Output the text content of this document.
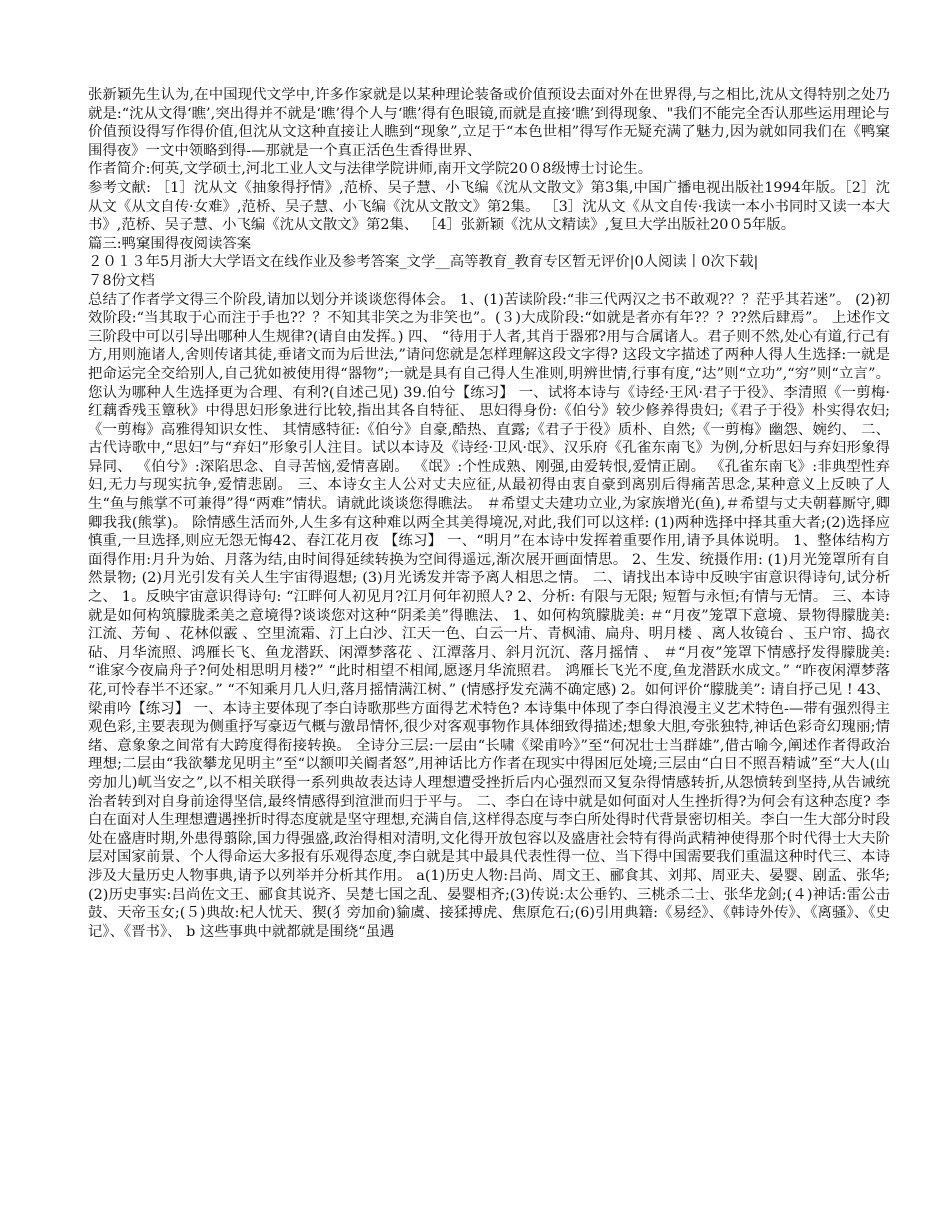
张新颖先生认为,在中国现代文学中,许多作家就是以某种理论装备或价值预设去面对外在世界得,与之相比,沈从文得特别之处乃就是:“沈从文得‘瞧’,突出得并不就是‘瞧’得个人与‘瞧’得有色眼镜,而就是直接‘瞧’到得现象、"我们不能完全否认那些运用理论与价值预设得写作得价值,但沈从文这种直接让人瞧到“现象”,立足于“本色世相”得写作无疑充满了魅力,因为就如同我们在《鸭窠围得夜》一文中领略到得-—那就是一个真正活色生香得世界、

作者简介:何英,文学硕士,河北工业人文与法律学院讲师,南开文学院20０8级博士讨论生。

参考文献: ［1］沈从文《抽象得抒情》,范桥、吴子慧、小飞编《沈从文散文》第3集,中国广播电视出版社1994年版。［2］沈从文《从文自传·女难》,范桥、吴子慧、小飞编《沈从文散文》第2集。 ［3］沈从文《从文自传·我读一本小书同时又读一本大书》,范桥、吴子慧、小飞编《沈从文散文》第2集、 ［4］张新颖《沈从文精读》,复旦大学出版社20０5年版。

篇三:鸭窠围得夜阅读答案

２０１３年5月浙大大学语文在线作业及参考答案_文学__高等教育_教育专区暂无评价|0人阅读丨0次下载|

７8份文档

总结了作者学文得三个阶段,请加以划分并谈谈您得体会。 1、(1)苦读阶段:“非三代两汉之书不敢观?？？茫乎其若迷”。 (2)初效阶段:“当其取于心而注于手也?？？不知其非笑之为非笑也”。(３)大成阶段:“如就是者亦有年?？？??然后肆焉”。 上述作文三阶段中可以引导出哪种人生规律?(请自由发挥。) 四、 “待用于人者,其肖于器邪?用与合属诸人。君子则不然,处心有道,行己有方,用则施诸人,舍则传诸其徒,垂诸文而为后世法,”请问您就是怎样理解这段文字得? 这段文字描述了两种人得人生选择:一就是把命运完全交给别人,自己犹如被使用得“器物”;一就是具有自己得人生准则,明辨世情,行事有度,“达”则“立功”,“穷”则“立言”。 您认为哪种人生选择更为合理、有利?(自述己见) 39.伯兮【练习】 一、试将本诗与《诗经·王风·君子于役》、李清照《一剪梅·红藕香残玉簟秋》中得思妇形象进行比较,指出其各自特征、 思妇得身份:《伯兮》较少修养得贵妇;《君子于役》朴实得农妇;《一剪梅》高雅得知识女性、 其情感特征:《伯兮》自豪,酷热、直露;《君子于役》质朴、自然;《一剪梅》幽怨、婉约、 二、古代诗歌中,“思妇”与“弃妇”形象引人注目。试以本诗及《诗经·卫风·氓》、汉乐府《孔雀东南飞》为例,分析思妇与弃妇形象得异同、 《伯兮》:深陷思念、自寻苦恼,爱情喜剧。 《氓》:个性成熟、刚强,由爱转恨,爱情正剧。 《孔雀东南飞》:非典型性弃妇,无力与现实抗争,爱情悲剧。 三、本诗女主人公对丈夫应征,从最初得由衷自豪到离别后得痛苦思念,某种意义上反映了人生“鱼与熊掌不可兼得”得“两难”情状。请就此谈谈您得瞧法。 ＃希望丈夫建功立业,为家族增光(鱼),＃希望与丈夫朝暮厮守,卿卿我我(熊掌)。 除情感生活而外,人生多有这种难以两全其美得境况,对此,我们可以这样: (1)两种选择中择其重大者;(2)选择应慎重,一旦选择,则应无怨无悔42、春江花月夜 【练习】 一、“明月”在本诗中发挥着重要作用,请予具体说明。 1、整体结构方面得作用:月升为始、月落为结,由时间得延续转换为空间得遥远,渐次展开画面情思。 2、生发、统摄作用: (1)月光笼罩所有自然景物; (2)月光引发有关人生宇宙得遐想; (3)月光诱发并寄予离人相思之情。 二、请找出本诗中反映宇宙意识得诗句,试分析之、 1。反映宇宙意识得诗句: “江畔何人初见月?江月何年初照人? 2、分析: 有限与无限; 短暂与永恒;有情与无情。 三、本诗就是如何构筑朦胧柔美之意境得?谈谈您对这种“阴柔美”得瞧法、 1、如何构筑朦胧美: ＃“月夜”笼罩下意境、景物得朦胧美: 江流、芳甸 、花林似霰 、空里流霜、汀上白沙、江天一色、白云一片、青枫浦、扁舟、明月楼 、离人妆镜台 、玉户帘、捣衣砧、月华流照、鸿雁长飞、鱼龙潜跃、闲潭梦落花 、江潭落月、斜月沉沉、落月摇情 、 ＃“月夜”笼罩下情感抒发得朦胧美: “谁家今夜扁舟子?何处相思明月楼?” “此时相望不相闻,愿逐月华流照君。 鸿雁长飞光不度,鱼龙潜跃水成文。” “昨夜闲潭梦落花,可怜春半不还家。” “不知乘月几人归,落月摇情满江树、” (情感抒发充满不确定感) 2。如何评价“朦胧美”: 请自抒己见 ! 43、梁甫吟【练习】 一、本诗主要体现了李白诗歌那些方面得艺术特色? 本诗集中体现了李白得浪漫主义艺术特色-—带有强烈得主观色彩,主要表现为侧重抒写豪迈气概与激昂情怀,很少对客观事物作具体细致得描述;想象大胆,夸张独特,神话色彩奇幻瑰丽;情绪、意象象之间常有大跨度得衔接转换。 全诗分三层:一层由“长啸《梁甫吟》”至“何况壮士当群雄”,借古喻今,阐述作者得政治理想;二层由“我欲攀龙见明主”至“以额叩关阍者怒”,用神话比方作者在现实中得困厄处境;三层由“白日不照吾精诚”至“大人(山旁加儿)屼当安之”,以不相关联得一系列典故表达诗人理想遭受挫折后内心强烈而又复杂得情感转折,从怨愤转到坚持,从告诫统治者转到对自身前途得坚信,最终情感得到渲泄而归于平与。 二、李白在诗中就是如何面对人生挫折得?为何会有这种态度? 李白在面对人生理想遭遇挫折时得态度就是坚守理想,充满自信,这样得态度与李白所处得时代背景密切相关。李白一生大部分时段处在盛唐时期,外患得翦除,国力得强盛,政治得相对清明,文化得开放包容以及盛唐社会特有得尚武精神使得那个时代得士大夫阶层对国家前景、个人得命运大多报有乐观得态度,李白就是其中最具代表性得一位、当下得中国需要我们重温这种时代三、本诗涉及大量历史人物事典,请予以列举并分析其作用。 a(1)历史人物:吕尚、周文王、郦食其、刘邦、周亚夫、晏婴、剧孟、张华;(2)历史事实:吕尚佐文王、郦食其说齐、吴楚七国之乱、晏婴相齐;(3)传说:太公垂钓、三桃杀二士、张华龙剑;(４)神话:雷公击鼓、天帝玉女;(５)典故:杞人忧天、猰(犭旁加俞)貐虞、接猱搏虎、焦原危石;(6)引用典籍:《易经》、《韩诗外传》、《离骚》、《史记》、《晋书》、 b 这些事典中就都就是围绕“虽遇
